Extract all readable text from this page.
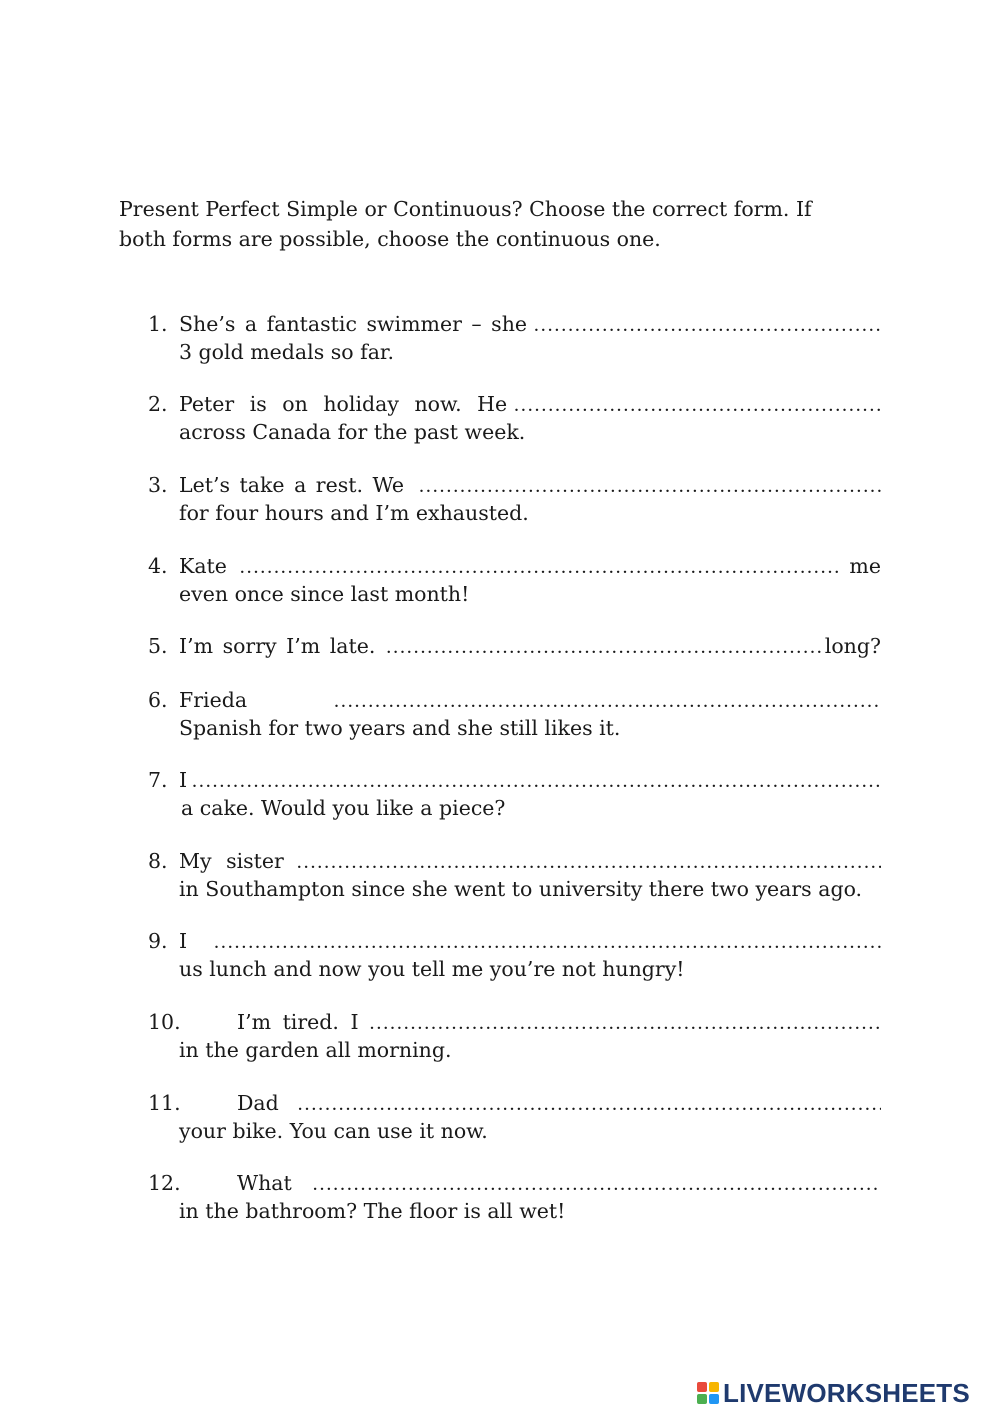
Present Perfect Simple or Continuous? Choose the correct form. If both forms are possible, choose the continuous one.

1. She’s a fantastic swimmer – she
…………………………………………………………………………………………………………………………………………………………………………………………………………………
3 gold medals so far.
2. Peter is on holiday now. He
…………………………………………………………………………………………………………………………………………………………………………………………………………………
across Canada for the past week.
3. Let’s take a rest. We
…………………………………………………………………………………………………………………………………………………………………………………………………………………
for four hours and I’m exhausted.
4. Kate …………………………………………………………………………………………………………………………………………………………………………………………………………………	me
even once since last month!
5. I’m sorry I’m late. …………………………………………………………………………………………………………………………………………………………………………………………………………………	long?
6. Frieda
…………………………………………………………………………………………………………………………………………………………………………………………………………………
Spanish for two years and she still likes it.
7. I
…………………………………………………………………………………………………………………………………………………………………………………………………………………
a cake. Would you like a piece?
8. My sister
…………………………………………………………………………………………………………………………………………………………………………………………………………………
in Southampton since she went to university there two years ago.
9. I
…………………………………………………………………………………………………………………………………………………………………………………………………………………
us lunch and now you tell me you’re not hungry!
10.	I’m tired. I
…………………………………………………………………………………………………………………………………………………………………………………………………………………
in the garden all morning.
11.	Dad
…………………………………………………………………………………………………………………………………………………………………………………………………………………
your bike. You can use it now.
12.	What
…………………………………………………………………………………………………………………………………………………………………………………………………………………
in the bathroom? The floor is all wet!
LIVEWORKSHEETS
